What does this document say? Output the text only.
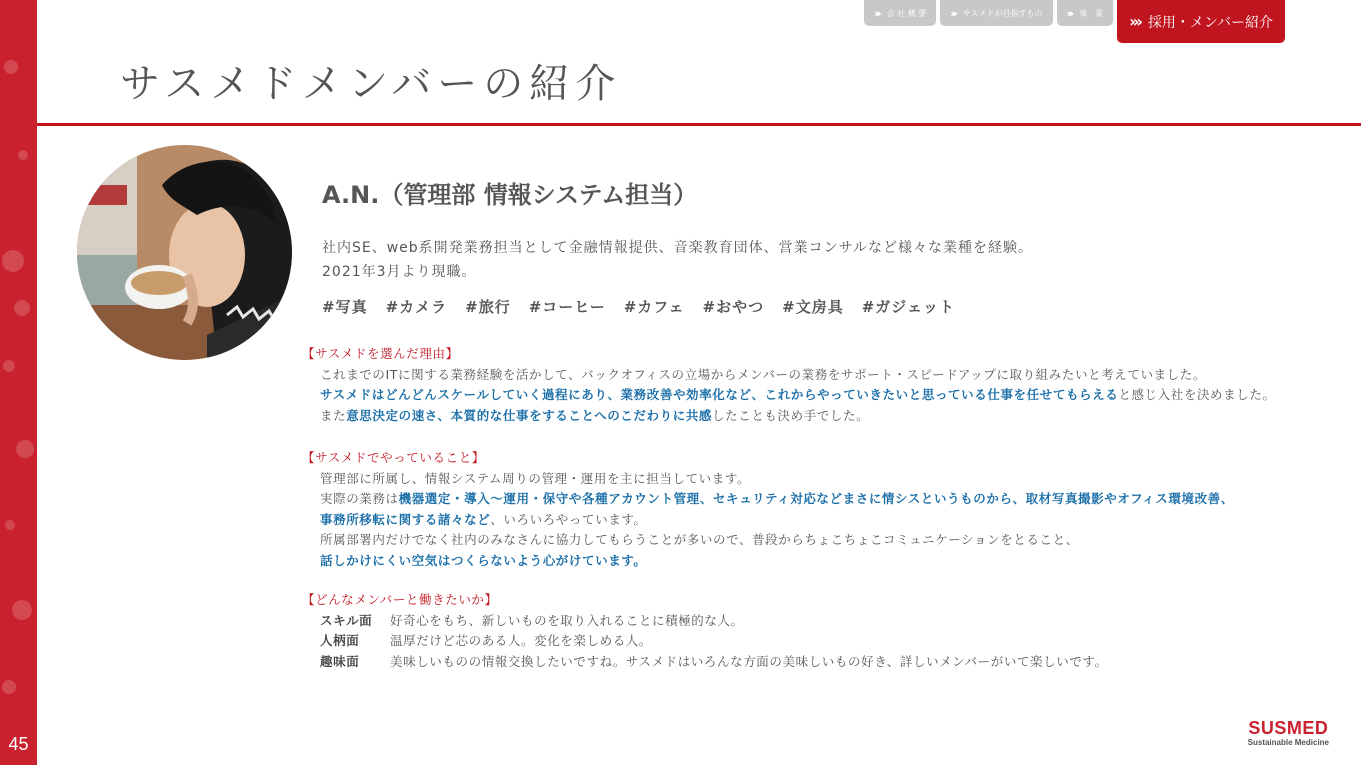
45
››› 会 社 概 要 ››› サスメドが目指すもの ››› 事　業 ››› 採用・メンバー紹介
サスメドメンバーの紹介
A.N.（管理部 情報システム担当）
社内SE、web系開発業務担当として金融情報提供、音楽教育団体、営業コンサルなど様々な業種を経験。
2021年3月より現職。
#写真 #カメラ #旅行 #コーヒー #カフェ #おやつ #文房具 #ガジェット
【サスメドを選んだ理由】
これまでのITに関する業務経験を活かして、バックオフィスの立場からメンバーの業務をサポート・スピードアップに取り組みたいと考えていました。
サスメドはどんどんスケールしていく過程にあり、業務改善や効率化など、これからやっていきたいと思っている仕事を任せてもらえると感じ入社を決めました。
また意思決定の速さ、本質的な仕事をすることへのこだわりに共感したことも決め手でした。
【サスメドでやっていること】
管理部に所属し、情報システム周りの管理・運用を主に担当しています。
実際の業務は機器選定・導入～運用・保守や各種アカウント管理、セキュリティ対応などまさに情シスというものから、取材写真撮影やオフィス環境改善、
事務所移転に関する諸々など、いろいろやっています。
所属部署内だけでなく社内のみなさんに協力してもらうことが多いので、普段からちょこちょこコミュニケーションをとること、
話しかけにくい空気はつくらないよう心がけています。
【どんなメンバーと働きたいか】
スキル面	好奇心をもち、新しいものを取り入れることに積極的な人。
人柄面	温厚だけど芯のある人。変化を楽しめる人。
趣味面	美味しいものの情報交換したいですね。サスメドはいろんな方面の美味しいもの好き、詳しいメンバーがいて楽しいです。
SUSMED
Sustainable Medicine
